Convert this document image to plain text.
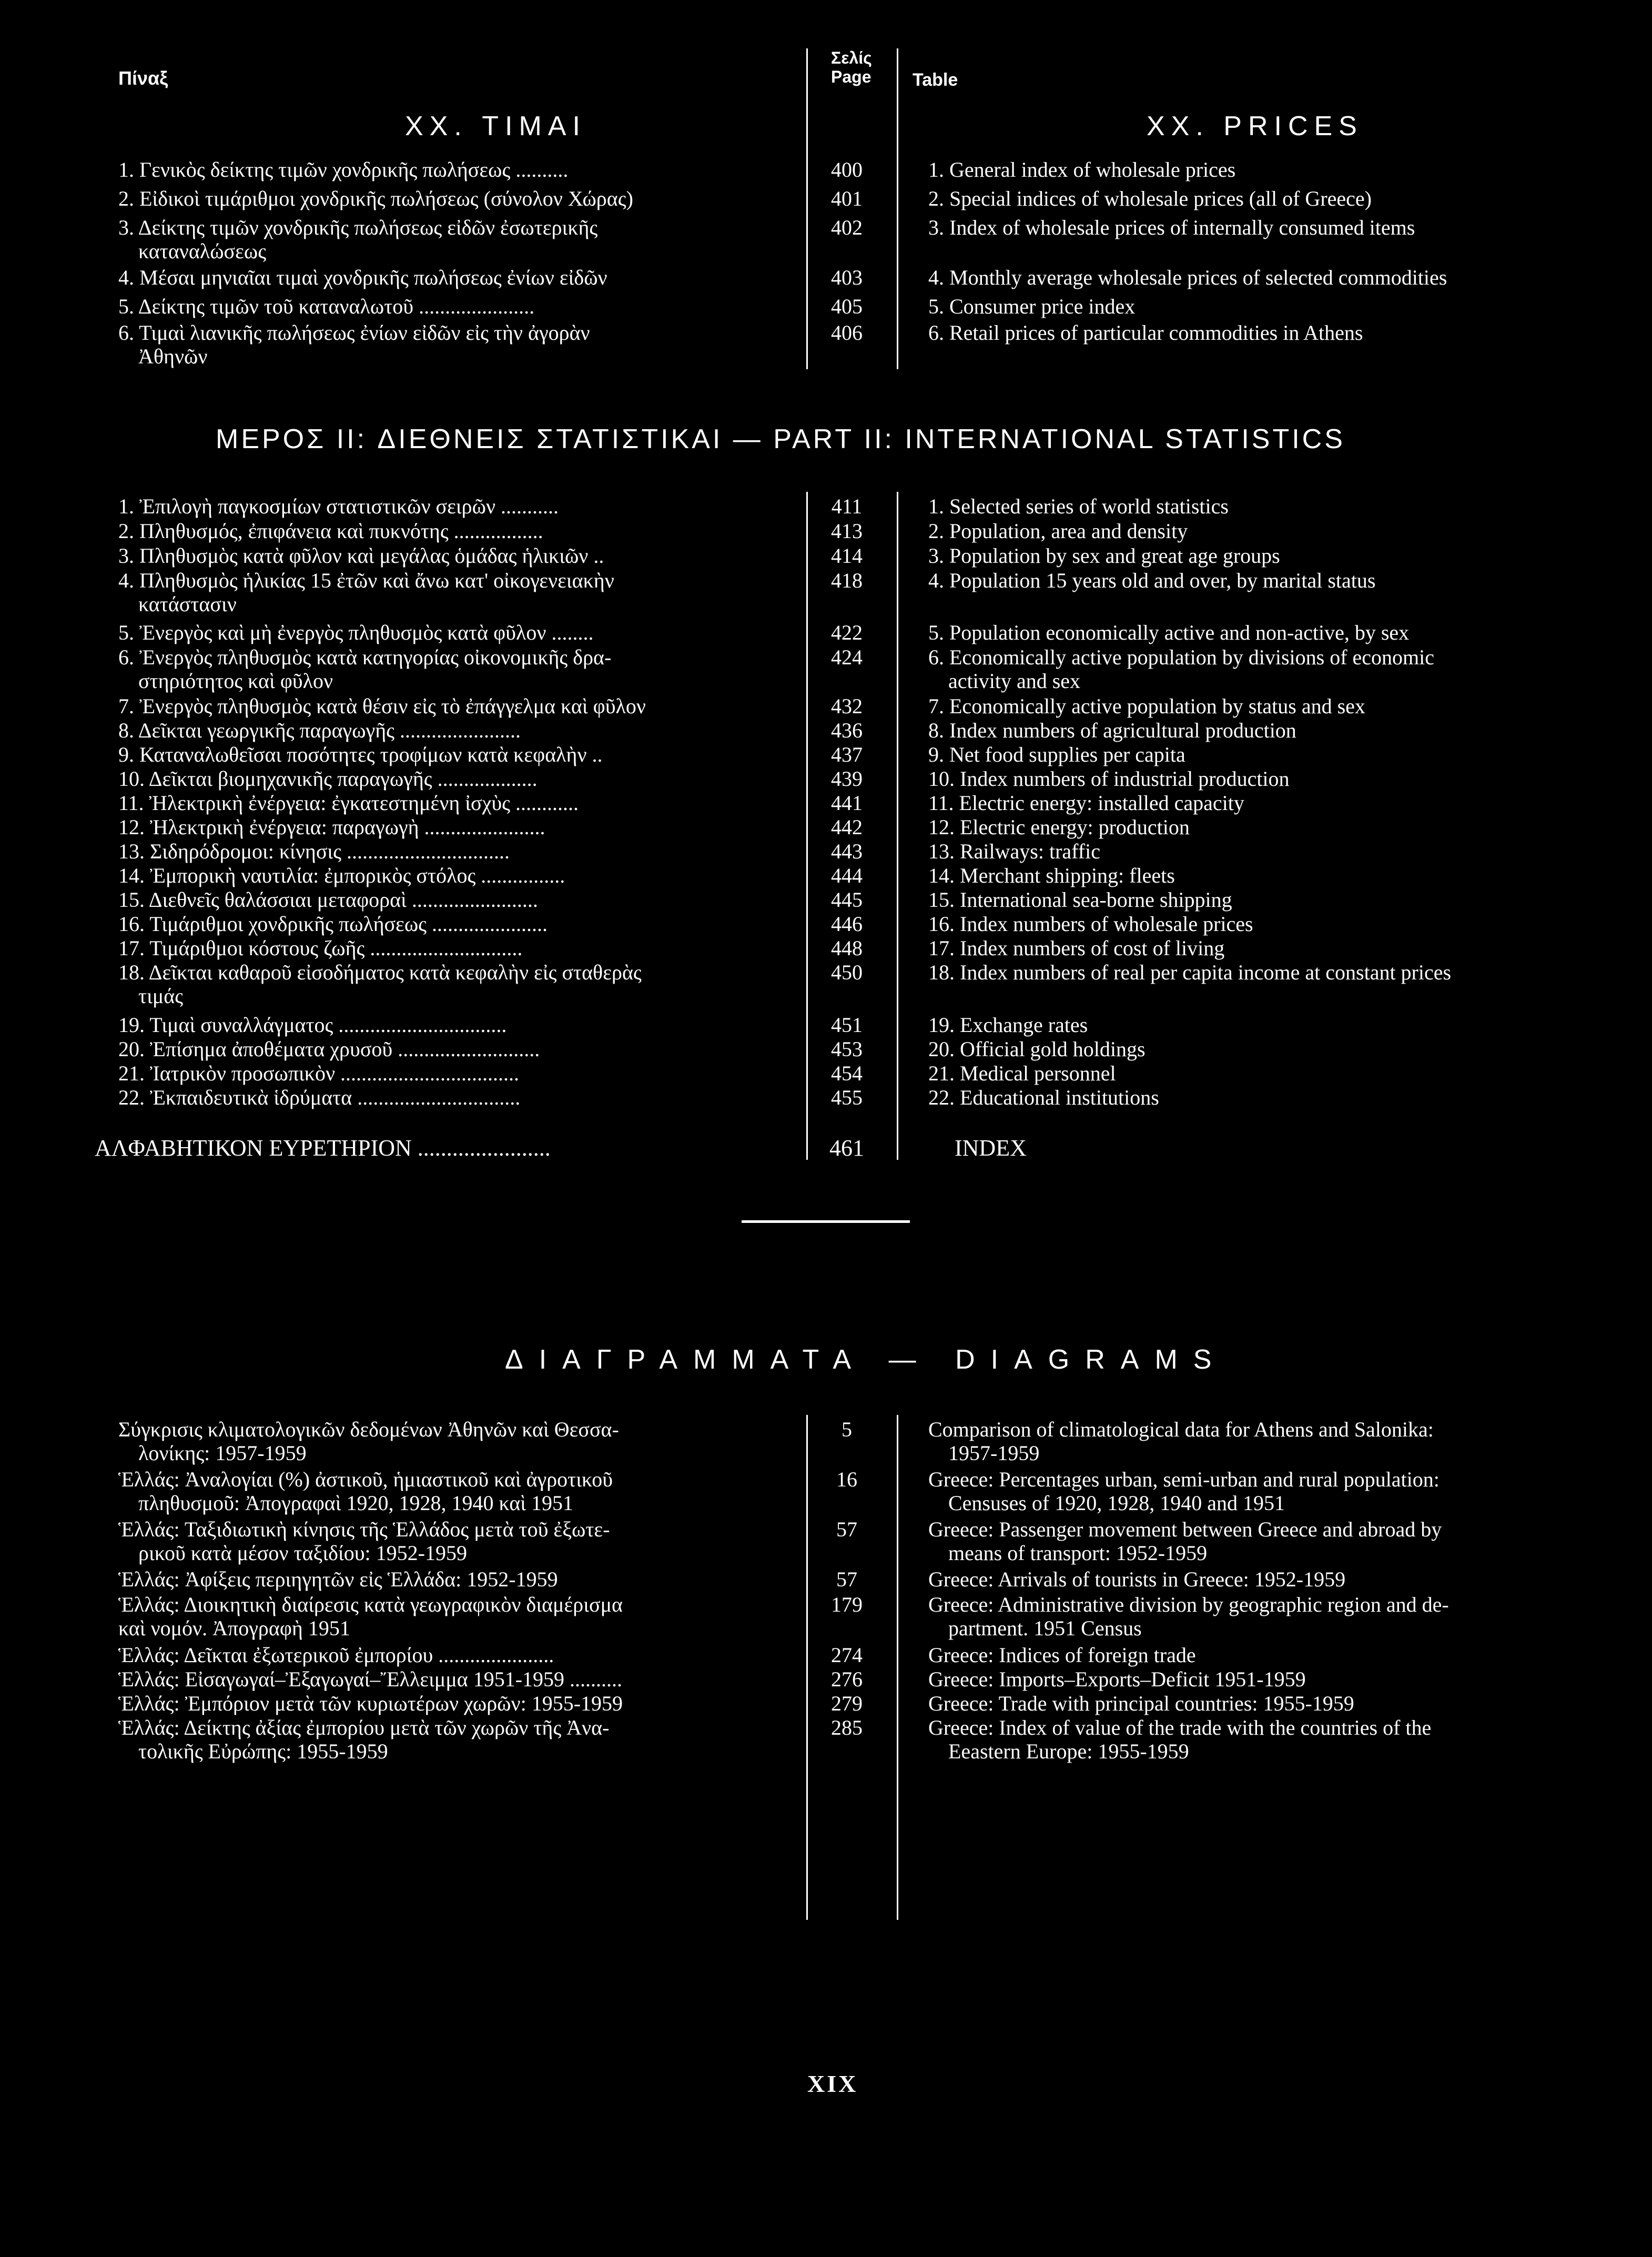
Πίναξ
Σελίς
Page Table
XX. ΤΙΜΑΙ	XX. PRICES
1. Γενικὸς δείκτης τιμῶν χονδρικῆς πωλήσεως ..........	400	1. General index of wholesale prices
2. Εἰδικοὶ τιμάριθμοι χονδρικῆς πωλήσεως (σύνολον Χώρας)	401	2. Special indices of wholesale prices (all of Greece)
3. Δείκτης τιμῶν χονδρικῆς πωλήσεως εἰδῶν ἐσωτερικῆς	402	3. Index of wholesale prices of internally consumed items
καταναλώσεως
4. Μέσαι μηνιαῖαι τιμαὶ χονδρικῆς πωλήσεως ἐνίων εἰδῶν	403	4. Monthly average wholesale prices of selected commodities
5. Δείκτης τιμῶν τοῦ καταναλωτοῦ ......................	405	5. Consumer price index
6. Τιμαὶ λιανικῆς πωλήσεως ἐνίων εἰδῶν εἰς τὴν ἀγορὰν	406	6. Retail prices of particular commodities in Athens
Ἀθηνῶν
ΜΕΡΟΣ II: ΔΙΕΘΝΕΙΣ ΣΤΑΤΙΣΤΙΚΑΙ — PART II: INTERNATIONAL STATISTICS
1. Ἐπιλογὴ παγκοσμίων στατιστικῶν σειρῶν ...........	411	1. Selected series of world statistics
2. Πληθυσμός, ἐπιφάνεια καὶ πυκνότης .................	413	2. Population, area and density
3. Πληθυσμὸς κατὰ φῦλον καὶ μεγάλας ὁμάδας ἡλικιῶν ..	414	3. Population by sex and great age groups
4. Πληθυσμὸς ἡλικίας 15 ἐτῶν καὶ ἄνω κατ' οἰκογενειακὴν	418	4. Population 15 years old and over, by marital status
κατάστασιν
5. Ἐνεργὸς καὶ μὴ ἐνεργὸς πληθυσμὸς κατὰ φῦλον ........	422	5. Population economically active and non-active, by sex
6. Ἐνεργὸς πληθυσμὸς κατὰ κατηγορίας οἰκονομικῆς δρα-	424	6. Economically active population by divisions of economic
στηριότητος καὶ φῦλον	activity and sex
7. Ἐνεργὸς πληθυσμὸς κατὰ θέσιν εἰς τὸ ἐπάγγελμα καὶ φῦλον	432	7. Economically active population by status and sex
8. Δεῖκται γεωργικῆς παραγωγῆς .......................	436	8. Index numbers of agricultural production
9. Καταναλωθεῖσαι ποσότητες τροφίμων κατὰ κεφαλὴν ..	437	9. Net food supplies per capita
10. Δεῖκται βιομηχανικῆς παραγωγῆς ...................	439	10. Index numbers of industrial production
11. Ἠλεκτρικὴ ἐνέργεια: ἐγκατεστημένη ἰσχὺς ............	441	11. Electric energy: installed capacity
12. Ἠλεκτρικὴ ἐνέργεια: παραγωγὴ .......................	442	12. Electric energy: production
13. Σιδηρόδρομοι: κίνησις ...............................	443	13. Railways: traffic
14. Ἐμπορικὴ ναυτιλία: ἐμπορικὸς στόλος ................	444	14. Merchant shipping: fleets
15. Διεθνεῖς θαλάσσιαι μεταφοραὶ ........................	445	15. International sea-borne shipping
16. Τιμάριθμοι χονδρικῆς πωλήσεως ......................	446	16. Index numbers of wholesale prices
17. Τιμάριθμοι κόστους ζωῆς .............................	448	17. Index numbers of cost of living
18. Δεῖκται καθαροῦ εἰσοδήματος κατὰ κεφαλὴν εἰς σταθερὰς	450	18. Index numbers of real per capita income at constant prices
τιμάς
19. Τιμαὶ συναλλάγματος ................................	451	19. Exchange rates
20. Ἐπίσημα ἀποθέματα χρυσοῦ ...........................	453	20. Official gold holdings
21. Ἰατρικὸν προσωπικὸν ..................................	454	21. Medical personnel
22. Ἐκπαιδευτικὰ ἱδρύματα ...............................	455	22. Educational institutions
ΑΛΦΑΒΗΤΙΚΟΝ ΕΥΡΕΤΗΡΙΟΝ .......................	461	INDEX
ΔΙΑΓΡΑΜΜΑΤΑ — DIAGRAMS
Σύγκρισις κλιματολογικῶν δεδομένων Ἀθηνῶν καὶ Θεσσα-	5	Comparison of climatological data for Athens and Salonika:
λονίκης: 1957-1959	1957-1959
Ἑλλάς: Ἀναλογίαι (%) ἀστικοῦ, ἡμιαστικοῦ καὶ ἀγροτικοῦ	16	Greece: Percentages urban, semi-urban and rural population:
πληθυσμοῦ: Ἀπογραφαὶ 1920, 1928, 1940 καὶ 1951	Censuses of 1920, 1928, 1940 and 1951
Ἑλλάς: Ταξιδιωτικὴ κίνησις τῆς Ἑλλάδος μετὰ τοῦ ἐξωτε-	57	Greece: Passenger movement between Greece and abroad by
ρικοῦ κατὰ μέσον ταξιδίου: 1952-1959	means of transport: 1952-1959
Ἑλλάς: Ἀφίξεις περιηγητῶν εἰς Ἑλλάδα: 1952-1959	57	Greece: Arrivals of tourists in Greece: 1952-1959
Ἑλλάς: Διοικητικὴ διαίρεσις κατὰ γεωγραφικὸν διαμέρισμα	179	Greece: Administrative division by geographic region and de-
καὶ νομόν. Ἀπογραφὴ 1951	partment. 1951 Census
Ἑλλάς: Δεῖκται ἐξωτερικοῦ ἐμπορίου ......................	274	Greece: Indices of foreign trade
Ἑλλάς: Εἰσαγωγαί–Ἐξαγωγαί–Ἔλλειμμα 1951-1959 ..........	276	Greece: Imports–Exports–Deficit 1951-1959
Ἑλλάς: Ἐμπόριον μετὰ τῶν κυριωτέρων χωρῶν: 1955-1959	279	Greece: Trade with principal countries: 1955-1959
Ἑλλάς: Δείκτης ἀξίας ἐμπορίου μετὰ τῶν χωρῶν τῆς Ἀνα-	285	Greece: Index of value of the trade with the countries of the
τολικῆς Εὐρώπης: 1955-1959	Eeastern Europe: 1955-1959
XIX
